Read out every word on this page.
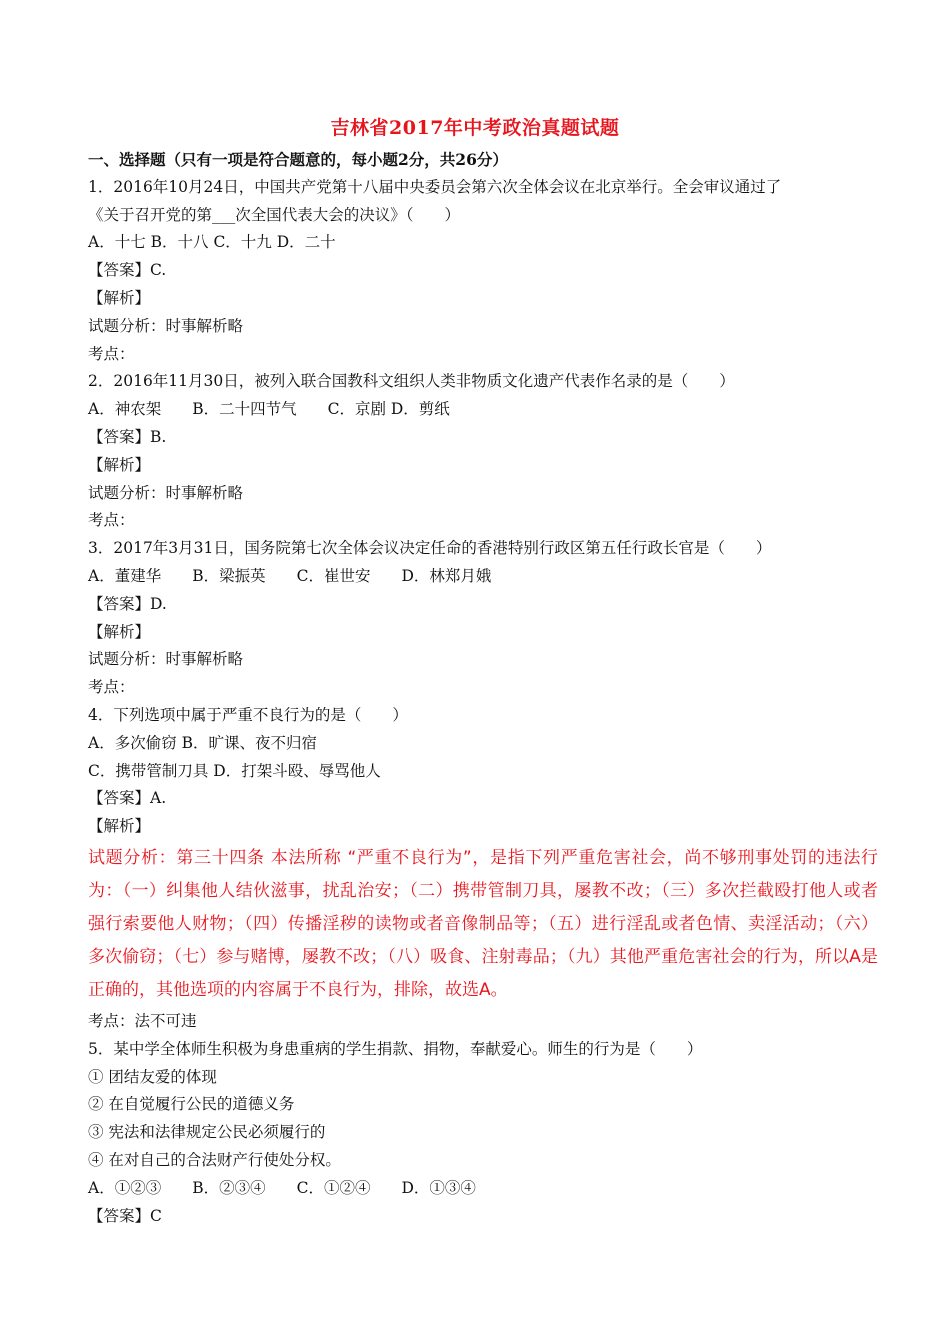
吉林省2017年中考政治真题试题
一、选择题（只有一项是符合题意的，每小题2分，共26分）
1．2016年10月24日，中国共产党第十八届中央委员会第六次全体会议在北京举行。全会审议通过了
《关于召开党的第___次全国代表大会的决议》（　　）
A．十七 B．十八 C．十九 D．二十
【答案】C.
【解析】
试题分析：时事解析略
考点：
2．2016年11月30日，被列入联合国教科文组织人类非物质文化遗产代表作名录的是（　　）
A．神农架　　B．二十四节气　　C．京剧 D．剪纸
【答案】B.
【解析】
试题分析：时事解析略
考点：
3．2017年3月31日，国务院第七次全体会议决定任命的香港特别行政区第五任行政长官是（　　）
A．董建华　　B．梁振英　　C．崔世安　　D．林郑月娥
【答案】D.
【解析】
试题分析：时事解析略
考点：
4．下列选项中属于严重不良行为的是（　　）
A．多次偷窃 B．旷课、夜不归宿
C．携带管制刀具 D．打架斗殴、辱骂他人
【答案】A.
【解析】
试题分析：第三十四条 本法所称 “严重不良行为”，是指下列严重危害社会，尚不够刑事处罚的违法行为：（一）纠集他人结伙滋事，扰乱治安；（二）携带管制刀具，屡教不改；（三）多次拦截殴打他人或者强行索要他人财物；（四）传播淫秽的读物或者音像制品等；（五）进行淫乱或者色情、卖淫活动；（六）多次偷窃；（七）参与赌博，屡教不改；（八）吸食、注射毒品；（九）其他严重危害社会的行为，所以A是正确的，其他选项的内容属于不良行为，排除，故选A。
考点：法不可违
5．某中学全体师生积极为身患重病的学生捐款、捐物，奉献爱心。师生的行为是（　　）
① 团结友爱的体现
② 在自觉履行公民的道德义务
③ 宪法和法律规定公民必须履行的
④ 在对自己的合法财产行使处分权。
A．①②③　　B．②③④　　C．①②④　　D．①③④
【答案】C
